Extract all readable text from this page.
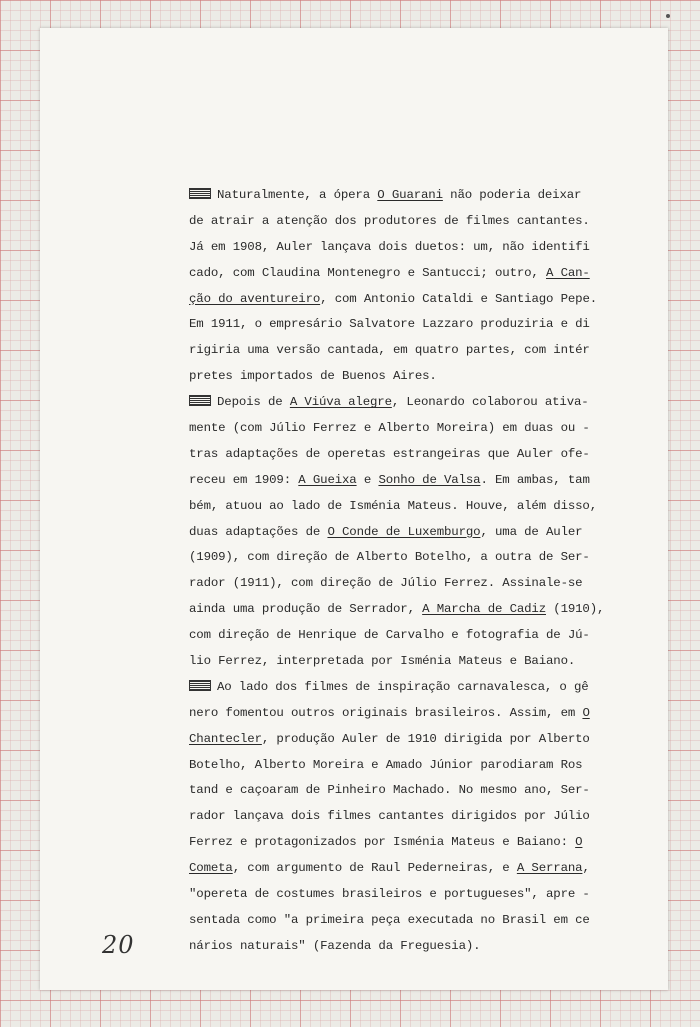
Naturalmente, a ópera O Guarani não poderia deixar
de atrair a atenção dos produtores de filmes cantantes.
Já em 1908, Auler lançava dois duetos: um, não identifi
cado, com Claudina Montenegro e Santucci; outro, A Can-
ção do aventureiro, com Antonio Cataldi e Santiago Pepe.
Em 1911, o empresário Salvatore Lazzaro produziria e di
rigiria uma versão cantada, em quatro partes, com intér
pretes importados de Buenos Aires.
Depois de A Viúva alegre, Leonardo colaborou ativa-
mente (com Júlio Ferrez e Alberto Moreira) em duas ou -
tras adaptações de operetas estrangeiras que Auler ofe-
receu em 1909: A Gueixa e Sonho de Valsa. Em ambas, tam
bém, atuou ao lado de Isménia Mateus. Houve, além disso,
duas adaptações de O Conde de Luxemburgo, uma de Auler
(1909), com direção de Alberto Botelho, a outra de Ser-
rador (1911), com direção de Júlio Ferrez. Assinale-se
ainda uma produção de Serrador, A Marcha de Cadiz (1910),
com direção de Henrique de Carvalho e fotografia de Jú-
lio Ferrez, interpretada por Isménia Mateus e Baiano.
Ao lado dos filmes de inspiração carnavalesca, o gê
nero fomentou outros originais brasileiros. Assim, em O
Chantecler, produção Auler de 1910 dirigida por Alberto
Botelho, Alberto Moreira e Amado Júnior parodiaram Ros
tand e caçoaram de Pinheiro Machado. No mesmo ano, Ser-
rador lançava dois filmes cantantes dirigidos por Júlio
Ferrez e protagonizados por Isménia Mateus e Baiano: O
Cometa, com argumento de Raul Pederneiras, e A Serrana,
"opereta de costumes brasileiros e portugueses", apre -
sentada como "a primeira peça executada no Brasil em ce
nários naturais" (Fazenda da Freguesia).
20
